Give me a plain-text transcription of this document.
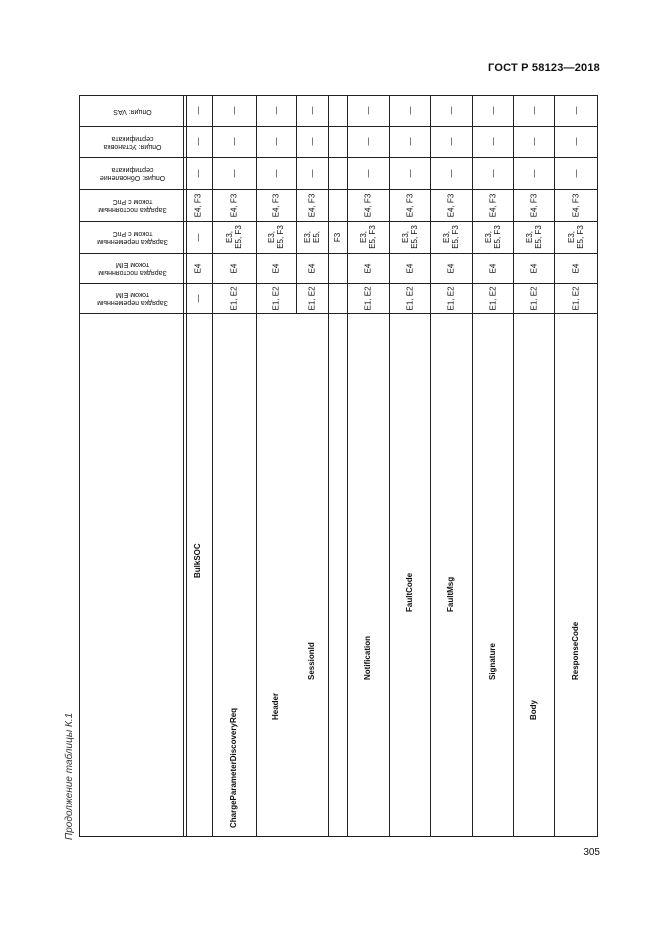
ГОСТ Р 58123—2018
305
Продолжение таблицы К.1
Опция: VAS
Опция: Установка сертификата
Опция: Обновление сертификата
Зарядка постоянным током с PnC
Зарядка переменным током с PnC
Зарядка постоянным током EIM
Зарядка переменным током EIM
—
—
—
E4, F3
—
E4
—
BulkSOC
—
—
—
E4, F3
E3, E5, F3
E4
E1, E2
ChargeParameterDiscoveryReq
—
—
—
E4, F3
E3, E5, F3
E4
E1, E2
Header
—
—
—
E4, F3
E3, E5,
E4
E1, E2
SessionId
F3
—
—
—
E4, F3
E3, E5, F3
E4
E1, E2
Notification
—
—
—
E4, F3
E3, E5, F3
E4
E1, E2
FaultCode
—
—
—
E4, F3
E3, E5, F3
E4
E1, E2
FaultMsg
—
—
—
E4, F3
E3, E5, F3
E4
E1, E2
Signature
—
—
—
E4, F3
E3, E5, F3
E4
E1, E2
Body
—
—
—
E4, F3
E3, E5, F3
E4
E1, E2
ResponseCode
